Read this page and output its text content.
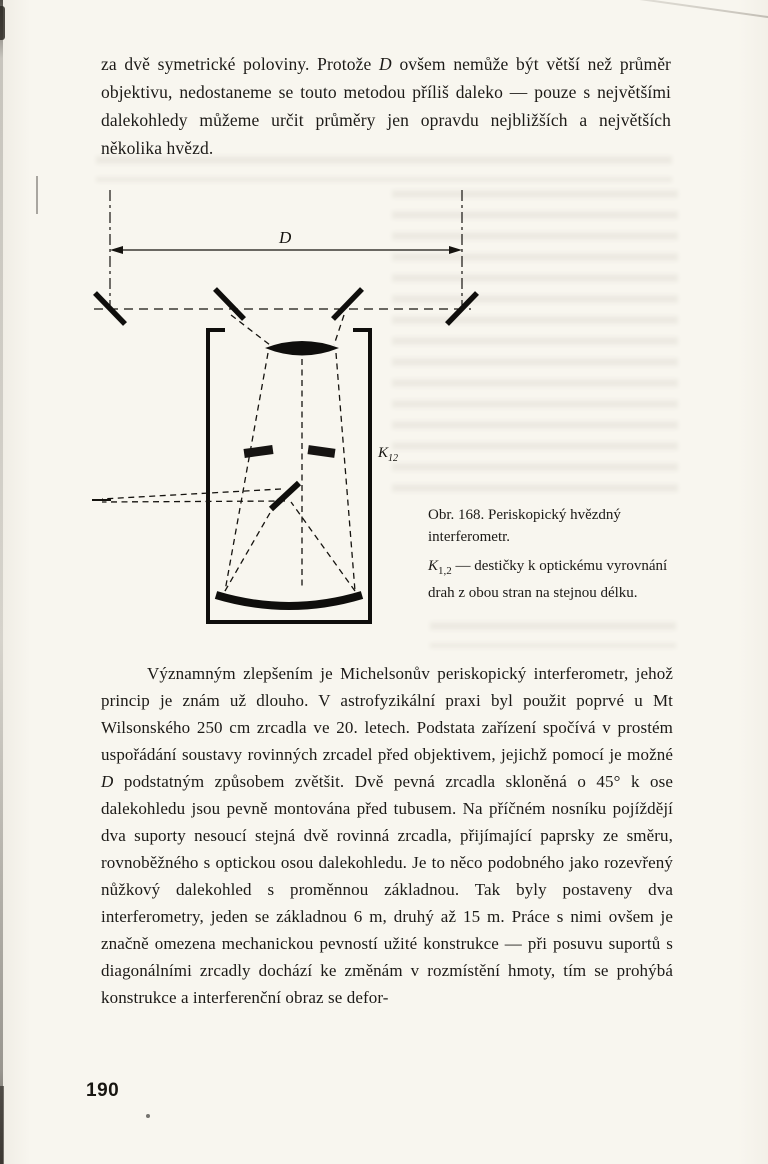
za dvě symetrické poloviny. Protože D ovšem nemůže být větší než průměr objektivu, nedostaneme se touto metodou příliš daleko — pouze s největšími dalekohledy můžeme určit průměry jen opravdu nejbližších a největších několika hvězd.

D
$K_{12}$

Obr. 168. Periskopický hvězdný interferometr.

$K_{1,2}$ — destičky k optickému vyrovnání drah z obou stran na stejnou délku.

Významným zlepšením je Michelsonův periskopický interferometr, jehož princip je znám už dlouho. V astrofyzikální praxi byl použit poprvé u Mt Wilsonského 250 cm zrcadla ve 20. letech. Podstata zařízení spočívá v prostém uspořádání soustavy rovinných zrcadel před objektivem, jejichž pomocí je možné D podstatným způsobem zvětšit. Dvě pevná zrcadla skloněná o 45° k ose dalekohledu jsou pevně montována před tubusem. Na příčném nosníku pojíždějí dva suporty nesoucí stejná dvě rovinná zrcadla, přijímající paprsky ze směru, rovnoběžného s optickou osou dalekohledu. Je to něco podobného jako rozevřený nůžkový dalekohled s proměnnou základnou. Tak byly postaveny dva interferometry, jeden se základnou 6 m, druhý až 15 m. Práce s nimi ovšem je značně omezena mechanickou pevností užité konstrukce — při posuvu suportů s diagonálními zrcadly dochází ke změnám v rozmístění hmoty, tím se prohýbá konstrukce a interferenční obraz se defor-

190
